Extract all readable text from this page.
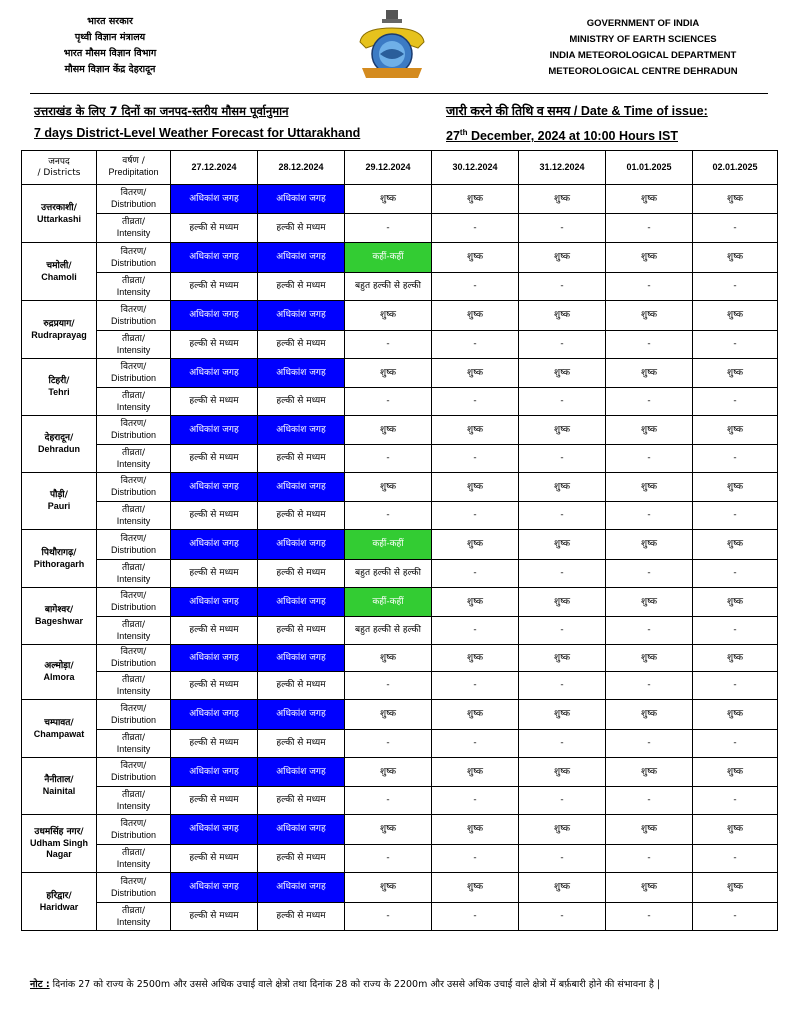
भारत सरकार
पृथ्वी विज्ञान मंत्रालय
भारत मौसम विज्ञान विभाग
मौसम विज्ञान केंद्र देहरादून
GOVERNMENT OF INDIA
MINISTRY OF EARTH SCIENCES
INDIA METEOROLOGICAL DEPARTMENT
METEOROLOGICAL CENTRE DEHRADUN
उत्तराखंड के लिए 7 दिनों का जनपद-स्तरीय मौसम पूर्वानुमान
7 days District-Level Weather Forecast for Uttarakhand
जारी करने की तिथि व समय / Date & Time of issue:
27th December, 2024 at 10:00 Hours IST
जनपद
/ Districts	वर्षण /
Predipitation	27.12.2024	28.12.2024	29.12.2024	30.12.2024	31.12.2024	01.01.2025	02.01.2025
उत्तरकाशी/
Uttarkashi	वितरण/
Distribution	अधिकांश जगह	अधिकांश जगह	शुष्क	शुष्क	शुष्क	शुष्क	शुष्क
	तीव्रता/
Intensity	हल्की से मध्यम	हल्की से मध्यम	-	-	-	-	-
चमोली/
Chamoli	वितरण/
Distribution	अधिकांश जगह	अधिकांश जगह	कहीं-कहीं	शुष्क	शुष्क	शुष्क	शुष्क
	तीव्रता/
Intensity	हल्की से मध्यम	हल्की से मध्यम	बहुत हल्की से हल्की	-	-	-	-
रुद्रप्रयाग/
Rudraprayag	वितरण/
Distribution	अधिकांश जगह	अधिकांश जगह	शुष्क	शुष्क	शुष्क	शुष्क	शुष्क
	तीव्रता/
Intensity	हल्की से मध्यम	हल्की से मध्यम	-	-	-	-	-
टिहरी/
Tehri	वितरण/
Distribution	अधिकांश जगह	अधिकांश जगह	शुष्क	शुष्क	शुष्क	शुष्क	शुष्क
	तीव्रता/
Intensity	हल्की से मध्यम	हल्की से मध्यम	-	-	-	-	-
देहरादून/
Dehradun	वितरण/
Distribution	अधिकांश जगह	अधिकांश जगह	शुष्क	शुष्क	शुष्क	शुष्क	शुष्क
	तीव्रता/
Intensity	हल्की से मध्यम	हल्की से मध्यम	-	-	-	-	-
पौड़ी/
Pauri	वितरण/
Distribution	अधिकांश जगह	अधिकांश जगह	शुष्क	शुष्क	शुष्क	शुष्क	शुष्क
	तीव्रता/
Intensity	हल्की से मध्यम	हल्की से मध्यम	-	-	-	-	-
पिथौरागढ़/
Pithoragarh	वितरण/
Distribution	अधिकांश जगह	अधिकांश जगह	कहीं-कहीं	शुष्क	शुष्क	शुष्क	शुष्क
	तीव्रता/
Intensity	हल्की से मध्यम	हल्की से मध्यम	बहुत हल्की से हल्की	-	-	-	-
बागेश्वर/
Bageshwar	वितरण/
Distribution	अधिकांश जगह	अधिकांश जगह	कहीं-कहीं	शुष्क	शुष्क	शुष्क	शुष्क
	तीव्रता/
Intensity	हल्की से मध्यम	हल्की से मध्यम	बहुत हल्की से हल्की	-	-	-	-
अल्मोड़ा/
Almora	वितरण/
Distribution	अधिकांश जगह	अधिकांश जगह	शुष्क	शुष्क	शुष्क	शुष्क	शुष्क
	तीव्रता/
Intensity	हल्की से मध्यम	हल्की से मध्यम	-	-	-	-	-
चम्पावत/
Champawat	वितरण/
Distribution	अधिकांश जगह	अधिकांश जगह	शुष्क	शुष्क	शुष्क	शुष्क	शुष्क
	तीव्रता/
Intensity	हल्की से मध्यम	हल्की से मध्यम	-	-	-	-	-
नैनीताल/
Nainital	वितरण/
Distribution	अधिकांश जगह	अधिकांश जगह	शुष्क	शुष्क	शुष्क	शुष्क	शुष्क
	तीव्रता/
Intensity	हल्की से मध्यम	हल्की से मध्यम	-	-	-	-	-
उधमसिंह नगर/
Udham Singh Nagar	वितरण/
Distribution	अधिकांश जगह	अधिकांश जगह	शुष्क	शुष्क	शुष्क	शुष्क	शुष्क
	तीव्रता/
Intensity	हल्की से मध्यम	हल्की से मध्यम	-	-	-	-	-
हरिद्वार/
Haridwar	वितरण/
Distribution	अधिकांश जगह	अधिकांश जगह	शुष्क	शुष्क	शुष्क	शुष्क	शुष्क
	तीव्रता/
Intensity	हल्की से मध्यम	हल्की से मध्यम	-	-	-	-	-
नोट : दिनांक 27 को राज्य के 2500m और उससे अधिक उचाई वाले क्षेत्रो तथा दिनांक 28 को राज्य के 2200m और उससे अधिक उचाई वाले क्षेत्रो में बर्फ़बारी होने की संभावना है |
